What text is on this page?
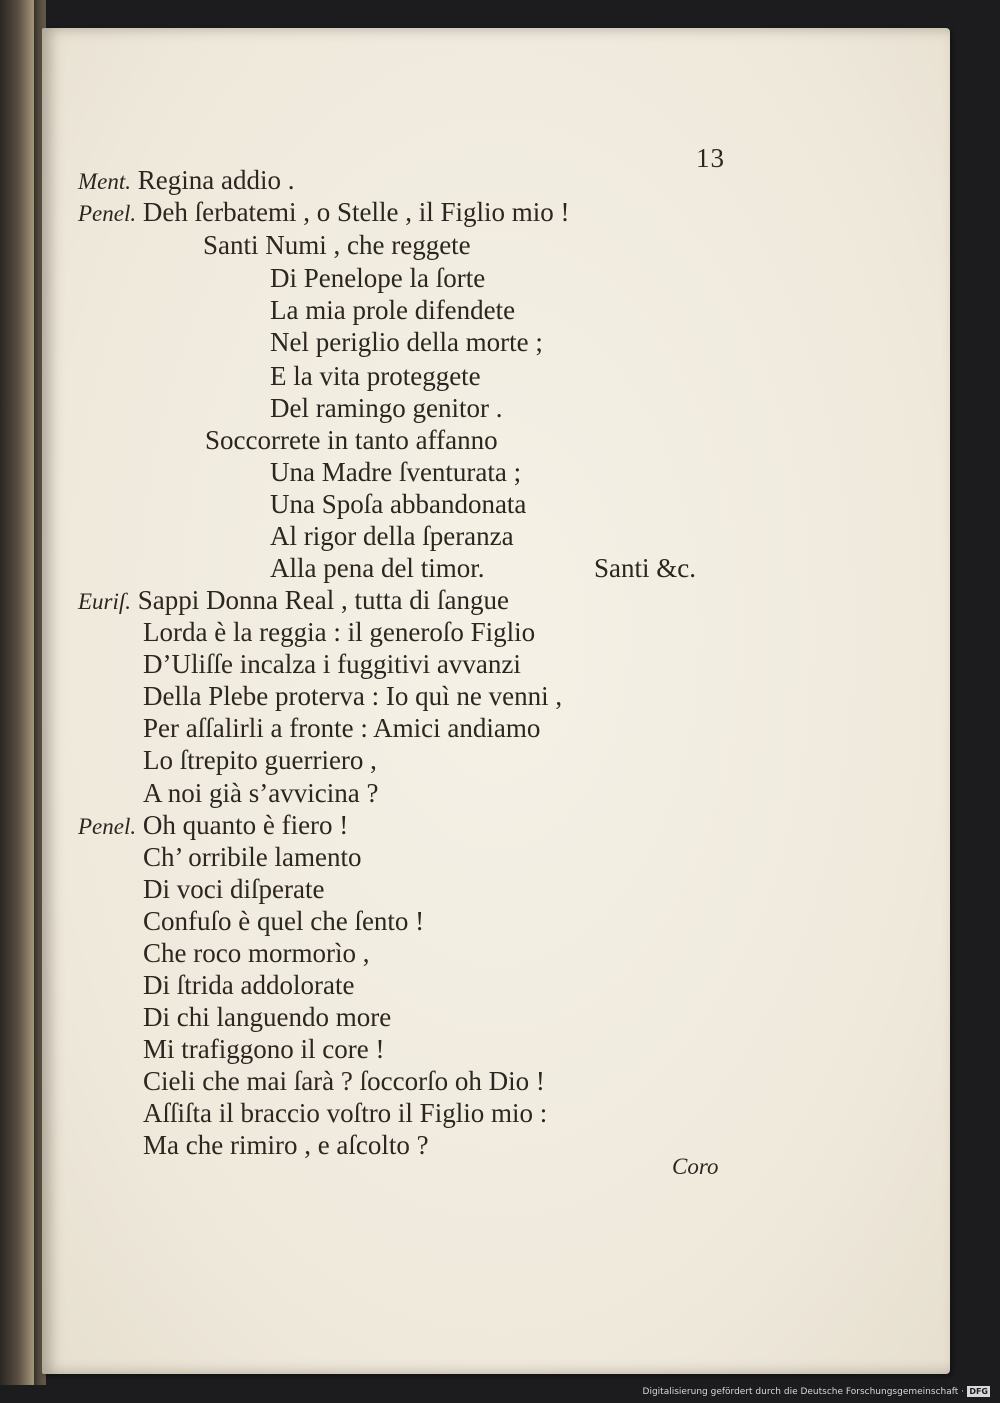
;
13
Ment. Regina addio .
Penel. Deh ſerbatemi , o Stelle , il Figlio mio !
Santi Numi , che reggete
Di Penelope la ſorte
La mia prole difendete
Nel periglio della morte ;
E la vita proteggete
Del ramingo genitor .
Soccorrete in tanto affanno
Una Madre ſventurata ;
Una Spoſa abbandonata
Al rigor della ſperanza
Alla pena del timor.
Euriſ. Sappi Donna Real , tutta di ſangue
Lorda è la reggia : il generoſo Figlio
D’Uliſſe incalza i fuggitivi avvanzi
Della Plebe proterva : Io quì ne venni ,
Per aſſalirli a fronte : Amici andiamo
Lo ſtrepito guerriero ,
A noi già s’avvicina ?
Penel. Oh quanto è fiero !
Ch’ orribile lamento
Di voci diſperate
Confuſo è quel che ſento !
Che roco mormorìo ,
Di ſtrida addolorate
Di chi languendo more
Mi trafiggono il core !
Cieli che mai ſarà ? ſoccorſo oh Dio !
Aſſiſta il braccio voſtro il Figlio mio :
Ma che rimiro , e aſcolto ?
Santi &c.
Coro
Digitalisierung gefördert durch die Deutsche Forschungsgemeinschaft · DFG
